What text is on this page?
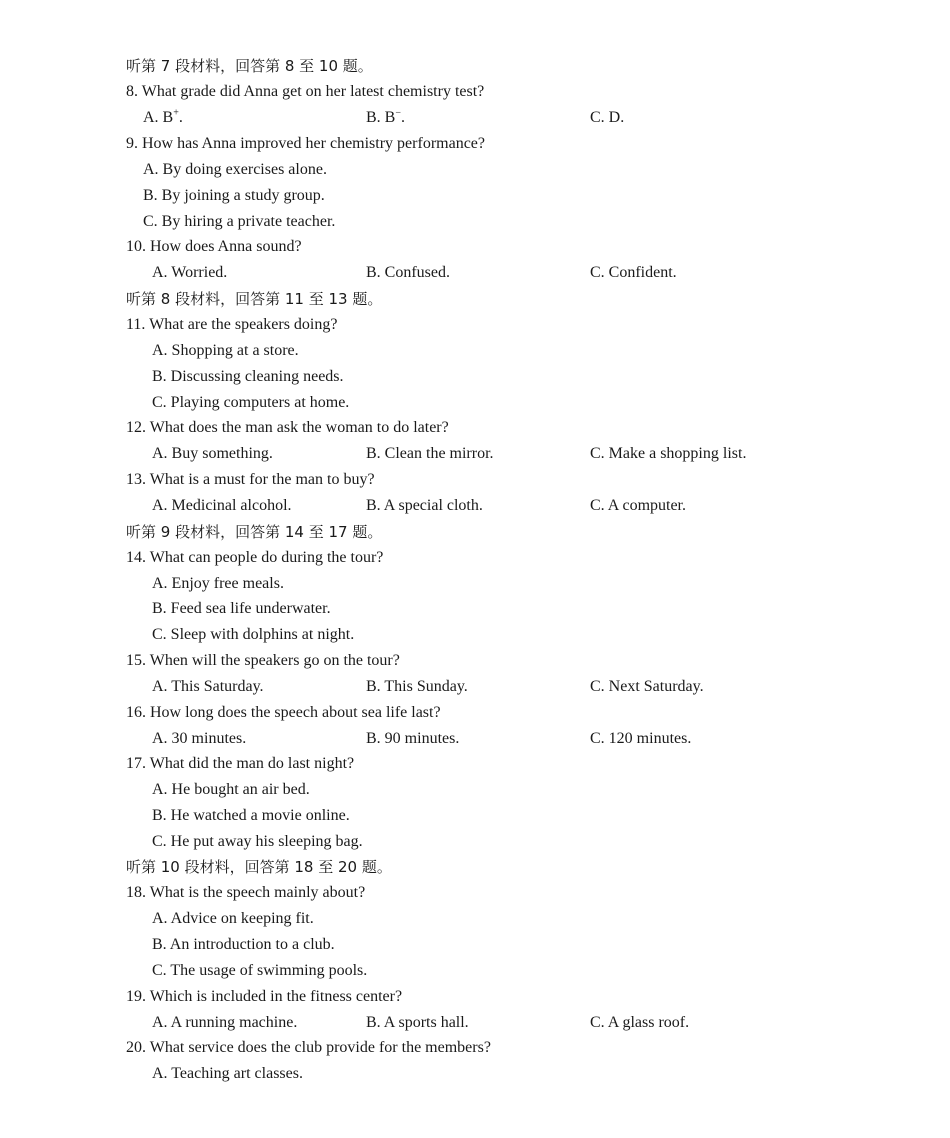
听第 7 段材料，回答第 8 至 10 题。
8. What grade did Anna get on her latest chemistry test?
A. B+.	B. B−.	C. D.
9. How has Anna improved her chemistry performance?
A. By doing exercises alone.
B. By joining a study group.
C. By hiring a private teacher.
10. How does Anna sound?
A. Worried.	B. Confused.	C. Confident.
听第 8 段材料，回答第 11 至 13 题。
11. What are the speakers doing?
A. Shopping at a store.
B. Discussing cleaning needs.
C. Playing computers at home.
12. What does the man ask the woman to do later?
A. Buy something.	B. Clean the mirror.	C. Make a shopping list.
13. What is a must for the man to buy?
A. Medicinal alcohol.	B. A special cloth.	C. A computer.
听第 9 段材料，回答第 14 至 17 题。
14. What can people do during the tour?
A. Enjoy free meals.
B. Feed sea life underwater.
C. Sleep with dolphins at night.
15. When will the speakers go on the tour?
A. This Saturday.	B. This Sunday.	C. Next Saturday.
16. How long does the speech about sea life last?
A. 30 minutes.	B. 90 minutes.	C. 120 minutes.
17. What did the man do last night?
A. He bought an air bed.
B. He watched a movie online.
C. He put away his sleeping bag.
听第 10 段材料，回答第 18 至 20 题。
18. What is the speech mainly about?
A. Advice on keeping fit.
B. An introduction to a club.
C. The usage of swimming pools.
19. Which is included in the fitness center?
A. A running machine.	B. A sports hall.	C. A glass roof.
20. What service does the club provide for the members?
A. Teaching art classes.
